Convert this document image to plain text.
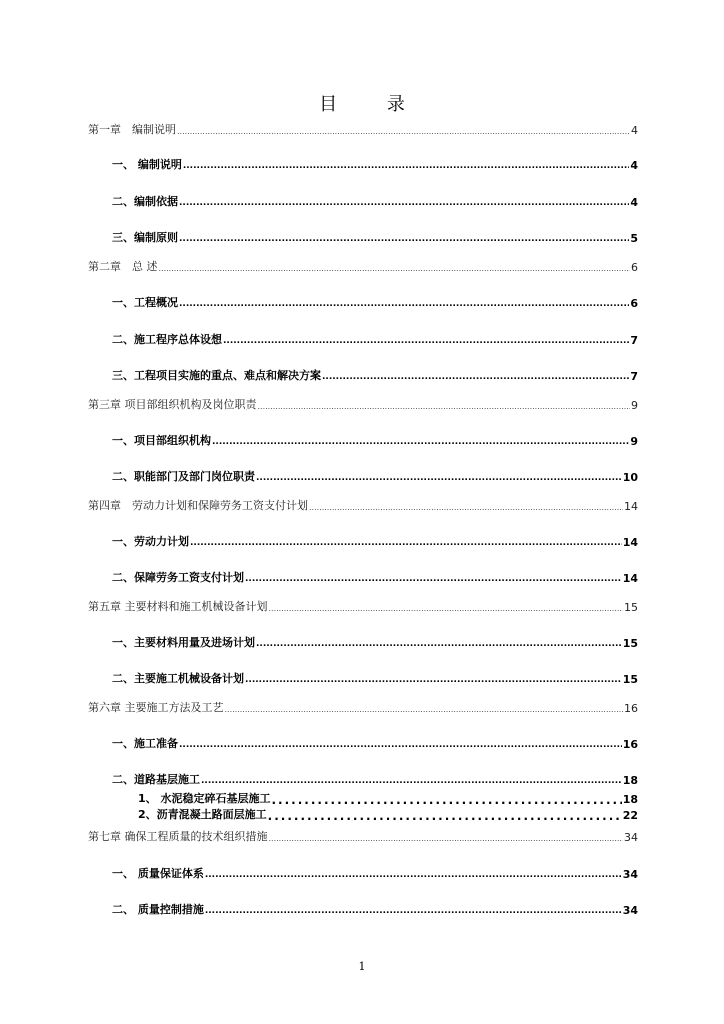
目 录
第一章　编制说明 .....	4
一、 编制说明 .....	4
二、编制依据 .....	4
三、编制原则 .....	5
第二章　总 述 .....	6
一、工程概况 .....	6
二、施工程序总体设想 .....	7
三、工程项目实施的重点、难点和解决方案 .....	7
第三章 项目部组织机构及岗位职责 .....	9
一、项目部组织机构 .....	9
二、职能部门及部门岗位职责 .....	10
第四章　劳动力计划和保障劳务工资支付计划 .....	14
一、劳动力计划 .....	14
二、保障劳务工资支付计划 .....	14
第五章 主要材料和施工机械设备计划 .....	15
一、主要材料用量及进场计划 .....	15
二、主要施工机械设备计划 .....	15
第六章 主要施工方法及工艺 .....	16
一、施工准备 .....	16
二、道路基层施工 .....	18
1、 水泥稳定碎石基层施工 .....	18
2、沥青混凝土路面层施工 .....	22
第七章 确保工程质量的技术组织措施 .....	34
一、 质量保证体系 .....	34
二、 质量控制措施 .....	34
1
